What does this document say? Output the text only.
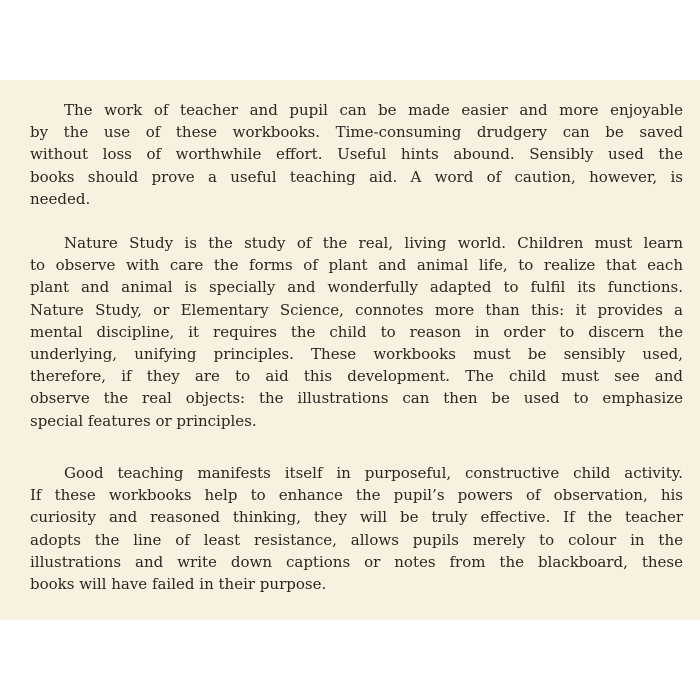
The work of teacher and pupil can be made easier and more enjoyable
by the use of these workbooks. Time-consuming drudgery can be saved
without loss of worthwhile effort. Useful hints abound. Sensibly used the
books should prove a useful teaching aid. A word of caution, however, is
needed.

Nature Study is the study of the real, living world. Children must learn
to observe with care the forms of plant and animal life, to realize that each
plant and animal is specially and wonderfully adapted to fulfil its functions.
Nature Study, or Elementary Science, connotes more than this: it provides a
mental discipline, it requires the child to reason in order to discern the
underlying, unifying principles. These workbooks must be sensibly used,
therefore, if they are to aid this development. The child must see and
observe the real objects: the illustrations can then be used to emphasize
special features or principles.

Good teaching manifests itself in purposeful, constructive child activity.
If these workbooks help to enhance the pupil’s powers of observation, his
curiosity and reasoned thinking, they will be truly effective. If the teacher
adopts the line of least resistance, allows pupils merely to colour in the
illustrations and write down captions or notes from the blackboard, these
books will have failed in their purpose.
